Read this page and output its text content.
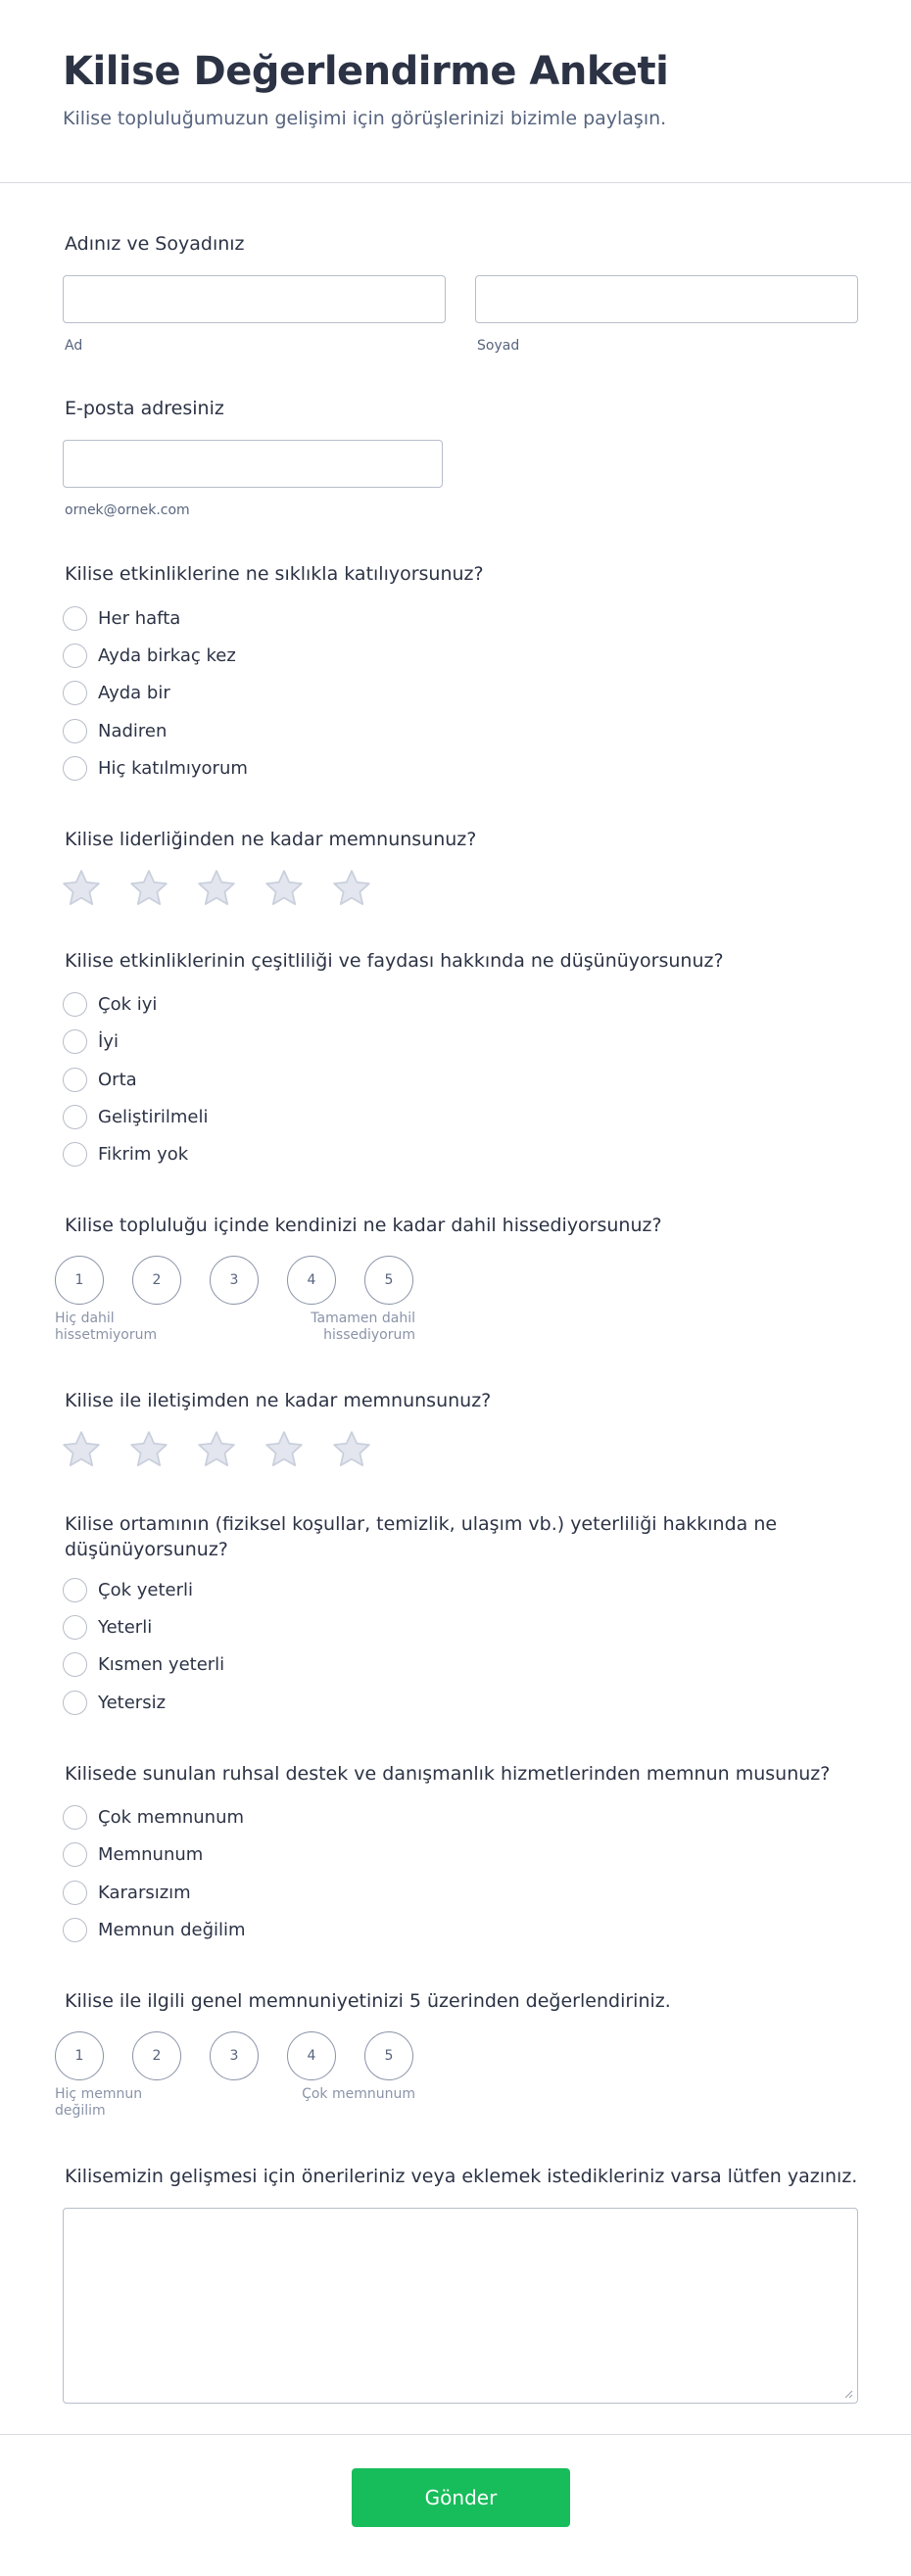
Kilise Değerlendirme Anketi
Kilise topluluğumuzun gelişimi için görüşlerinizi bizimle paylaşın.
Adınız ve Soyadınız
Ad	Soyad
E-posta adresiniz
ornek@ornek.com
Kilise etkinliklerine ne sıklıkla katılıyorsunuz?
Her hafta
Ayda birkaç kez
Ayda bir
Nadiren
Hiç katılmıyorum
Kilise liderliğinden ne kadar memnunsunuz?
Kilise etkinliklerinin çeşitliliği ve faydası hakkında ne düşünüyorsunuz?
Çok iyi
İyi
Orta
Geliştirilmeli
Fikrim yok
Kilise topluluğu içinde kendinizi ne kadar dahil hissediyorsunuz?
1	2	3	4	5
Hiç dahil hissetmiyorum
Tamamen dahil hissediyorum
Kilise ile iletişimden ne kadar memnunsunuz?
Kilise ortamının (fiziksel koşullar, temizlik, ulaşım vb.) yeterliliği hakkında ne düşünüyorsunuz?
Çok yeterli
Yeterli
Kısmen yeterli
Yetersiz
Kilisede sunulan ruhsal destek ve danışmanlık hizmetlerinden memnun musunuz?
Çok memnunum
Memnunum
Kararsızım
Memnun değilim
Kilise ile ilgili genel memnuniyetinizi 5 üzerinden değerlendiriniz.
1	2	3	4	5
Hiç memnun değilim
Çok memnunum
Kilisemizin gelişmesi için önerileriniz veya eklemek istedikleriniz varsa lütfen yazınız.
Gönder
